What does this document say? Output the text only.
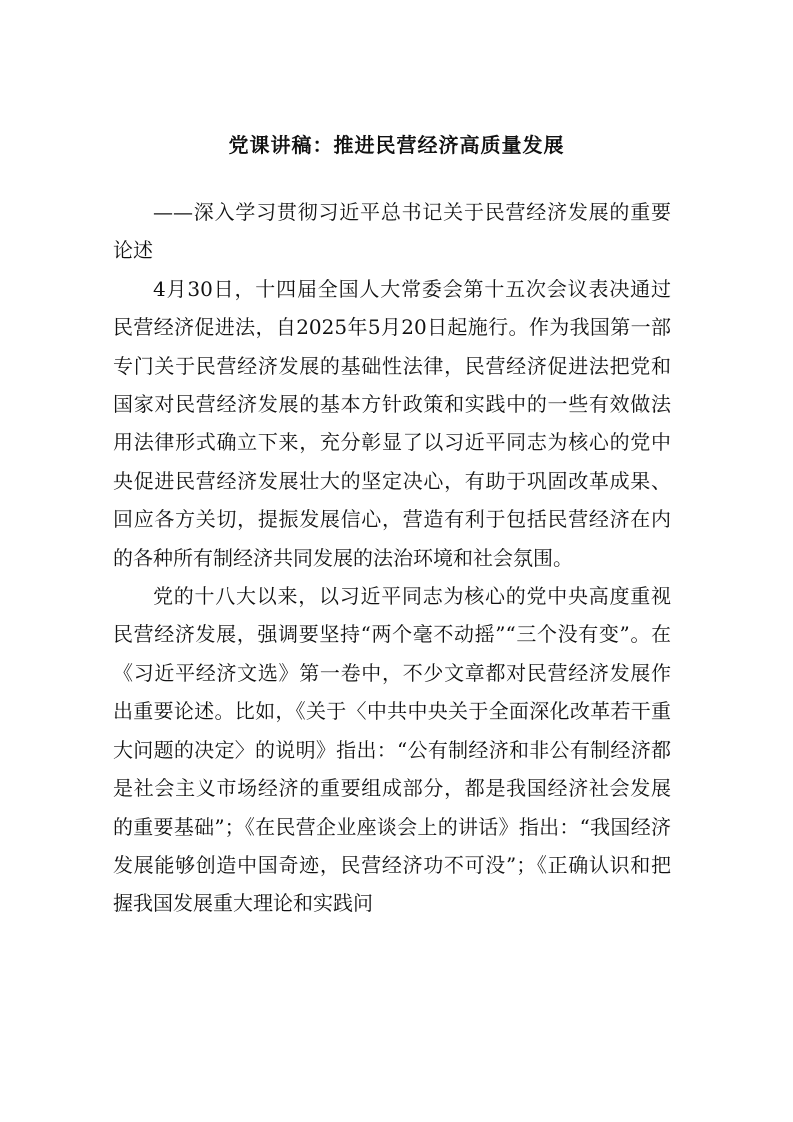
党课讲稿：推进民营经济高质量发展

——深入学习贯彻习近平总书记关于民营经济发展的重要论述

4月30日，十四届全国人大常委会第十五次会议表决通过民营经济促进法，自2025年5月20日起施行。作为我国第一部专门关于民营经济发展的基础性法律，民营经济促进法把党和国家对民营经济发展的基本方针政策和实践中的一些有效做法用法律形式确立下来，充分彰显了以习近平同志为核心的党中央促进民营经济发展壮大的坚定决心，有助于巩固改革成果、回应各方关切，提振发展信心，营造有利于包括民营经济在内的各种所有制经济共同发展的法治环境和社会氛围。

党的十八大以来，以习近平同志为核心的党中央高度重视民营经济发展，强调要坚持“两个毫不动摇”“三个没有变”。在《习近平经济文选》第一卷中，不少文章都对民营经济发展作出重要论述。比如，《关于〈中共中央关于全面深化改革若干重大问题的决定〉的说明》指出：“公有制经济和非公有制经济都是社会主义市场经济的重要组成部分，都是我国经济社会发展的重要基础”；《在民营企业座谈会上的讲话》指出：“我国经济发展能够创造中国奇迹，民营经济功不可没”；《正确认识和把握我国发展重大理论和实践问
